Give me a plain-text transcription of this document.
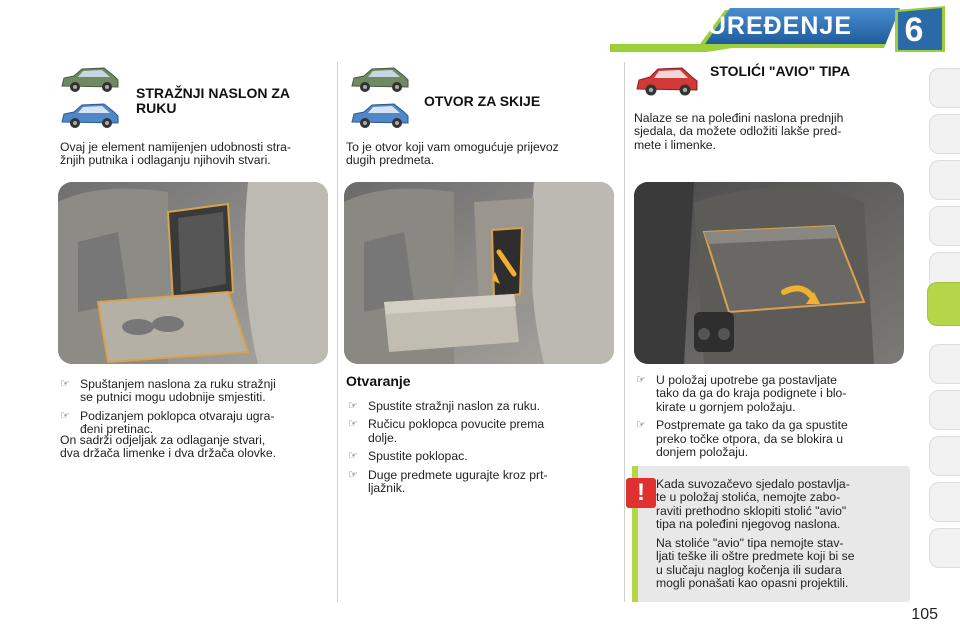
UREĐENJE	6
STRAŽNJI NASLON ZA
RUKU
Ovaj je element namijenjen udobnosti stra-
žnjih putnika i odlaganju njihovih stvari.
☞ Spuštanjem naslona za ruku stražnji
se putnici mogu udobnije smjestiti.
☞ Podizanjem poklopca otvaraju ugra-
đeni pretinac.
On sadrži odjeljak za odlaganje stvari,
dva držača limenke i dva držača olovke.
OTVOR ZA SKIJE
To je otvor koji vam omogućuje prijevoz
dugih predmeta.
Otvaranje
☞ Spustite stražnji naslon za ruku.
☞ Ručicu poklopca povucite prema
dolje.
☞ Spustite poklopac.
☞ Duge predmete ugurajte kroz prt-
ljažnik.
STOLIĆI "AVIO" TIPA
Nalaze se na poleđini naslona prednjih
sjedala, da možete odložiti lakše pred-
mete i limenke.
☞ U položaj upotrebe ga postavljate
tako da ga do kraja podignete i blo-
kirate u gornjem položaju.
☞ Postpremate ga tako da ga spustite
preko točke otpora, da se blokira u
donjem položaju.
! Kada suvozačevo sjedalo postavlja-
te u položaj stolića, nemojte zabo-
raviti prethodno sklopiti stolić "avio"
tipa na poleđini njegovog naslona.
Na stoliće "avio" tipa nemojte stav-
ljati teške ili oštre predmete koji bi se
u slučaju naglog kočenja ili sudara
mogli ponašati kao opasni projektili.
105
